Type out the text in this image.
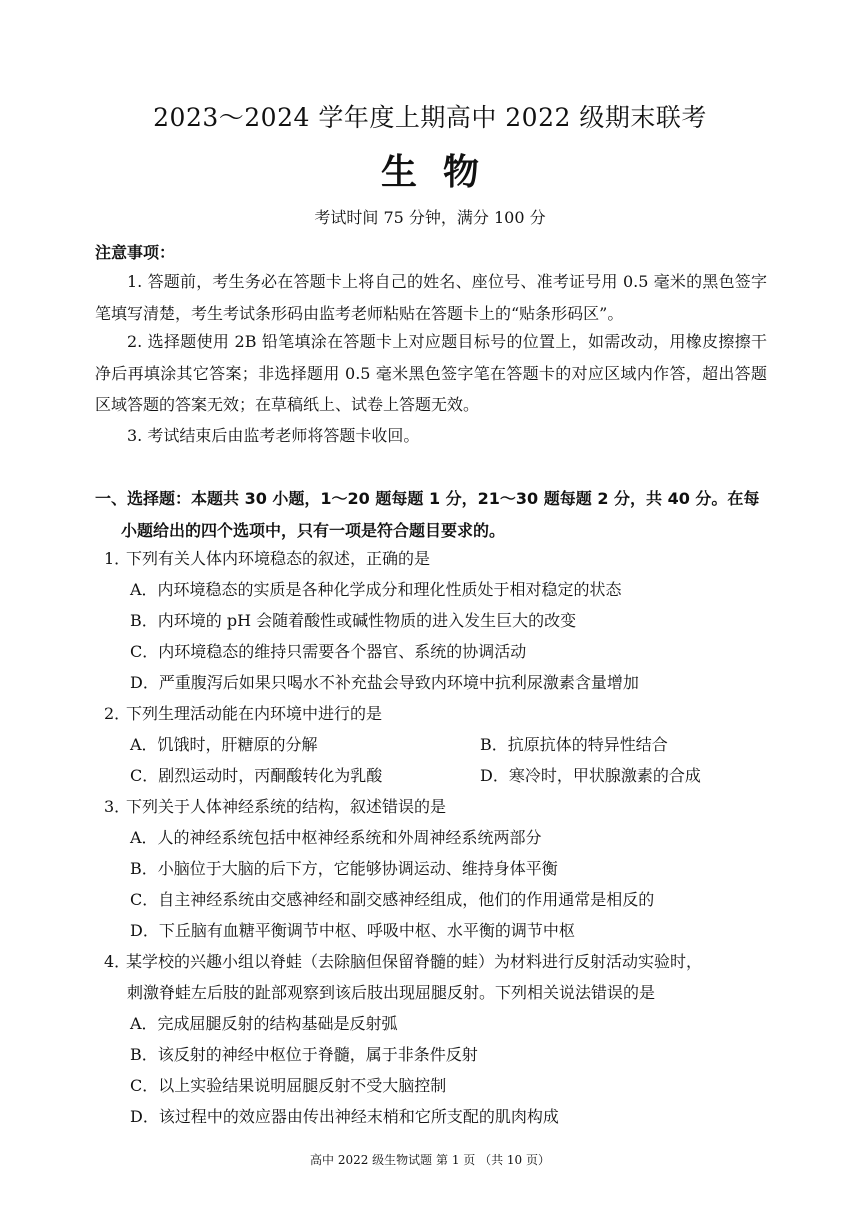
2023～2024 学年度上期高中 2022 级期末联考
生物
考试时间 75 分钟，满分 100 分
注意事项：

1. 答题前，考生务必在答题卡上将自己的姓名、座位号、准考证号用 0.5 毫米的黑色签字笔填写清楚，考生考试条形码由监考老师粘贴在答题卡上的“贴条形码区”。

2. 选择题使用 2B 铅笔填涂在答题卡上对应题目标号的位置上，如需改动，用橡皮擦擦干净后再填涂其它答案；非选择题用 0.5 毫米黑色签字笔在答题卡的对应区域内作答，超出答题区域答题的答案无效；在草稿纸上、试卷上答题无效。

3. 考试结束后由监考老师将答题卡收回。

一、选择题：本题共 30 小题，1～20 题每题 1 分，21～30 题每题 2 分，共 40 分。在每
小题给出的四个选项中，只有一项是符合题目要求的。
1．下列有关人体内环境稳态的叙述，正确的是
A．内环境稳态的实质是各种化学成分和理化性质处于相对稳定的状态
B．内环境的 pH 会随着酸性或碱性物质的进入发生巨大的改变
C．内环境稳态的维持只需要各个器官、系统的协调活动
D．严重腹泻后如果只喝水不补充盐会导致内环境中抗利尿激素含量增加
2．下列生理活动能在内环境中进行的是
A．饥饿时，肝糖原的分解	B．抗原抗体的特异性结合
C．剧烈运动时，丙酮酸转化为乳酸	D．寒冷时，甲状腺激素的合成
3．下列关于人体神经系统的结构，叙述错误的是
A．人的神经系统包括中枢神经系统和外周神经系统两部分
B．小脑位于大脑的后下方，它能够协调运动、维持身体平衡
C．自主神经系统由交感神经和副交感神经组成，他们的作用通常是相反的
D．下丘脑有血糖平衡调节中枢、呼吸中枢、水平衡的调节中枢
4．某学校的兴趣小组以脊蛙（去除脑但保留脊髓的蛙）为材料进行反射活动实验时，
刺激脊蛙左后肢的趾部观察到该后肢出现屈腿反射。下列相关说法错误的是
A．完成屈腿反射的结构基础是反射弧
B．该反射的神经中枢位于脊髓，属于非条件反射
C．以上实验结果说明屈腿反射不受大脑控制
D．该过程中的效应器由传出神经末梢和它所支配的肌肉构成
高中 2022 级生物试题 第 1 页 （共 10 页）
